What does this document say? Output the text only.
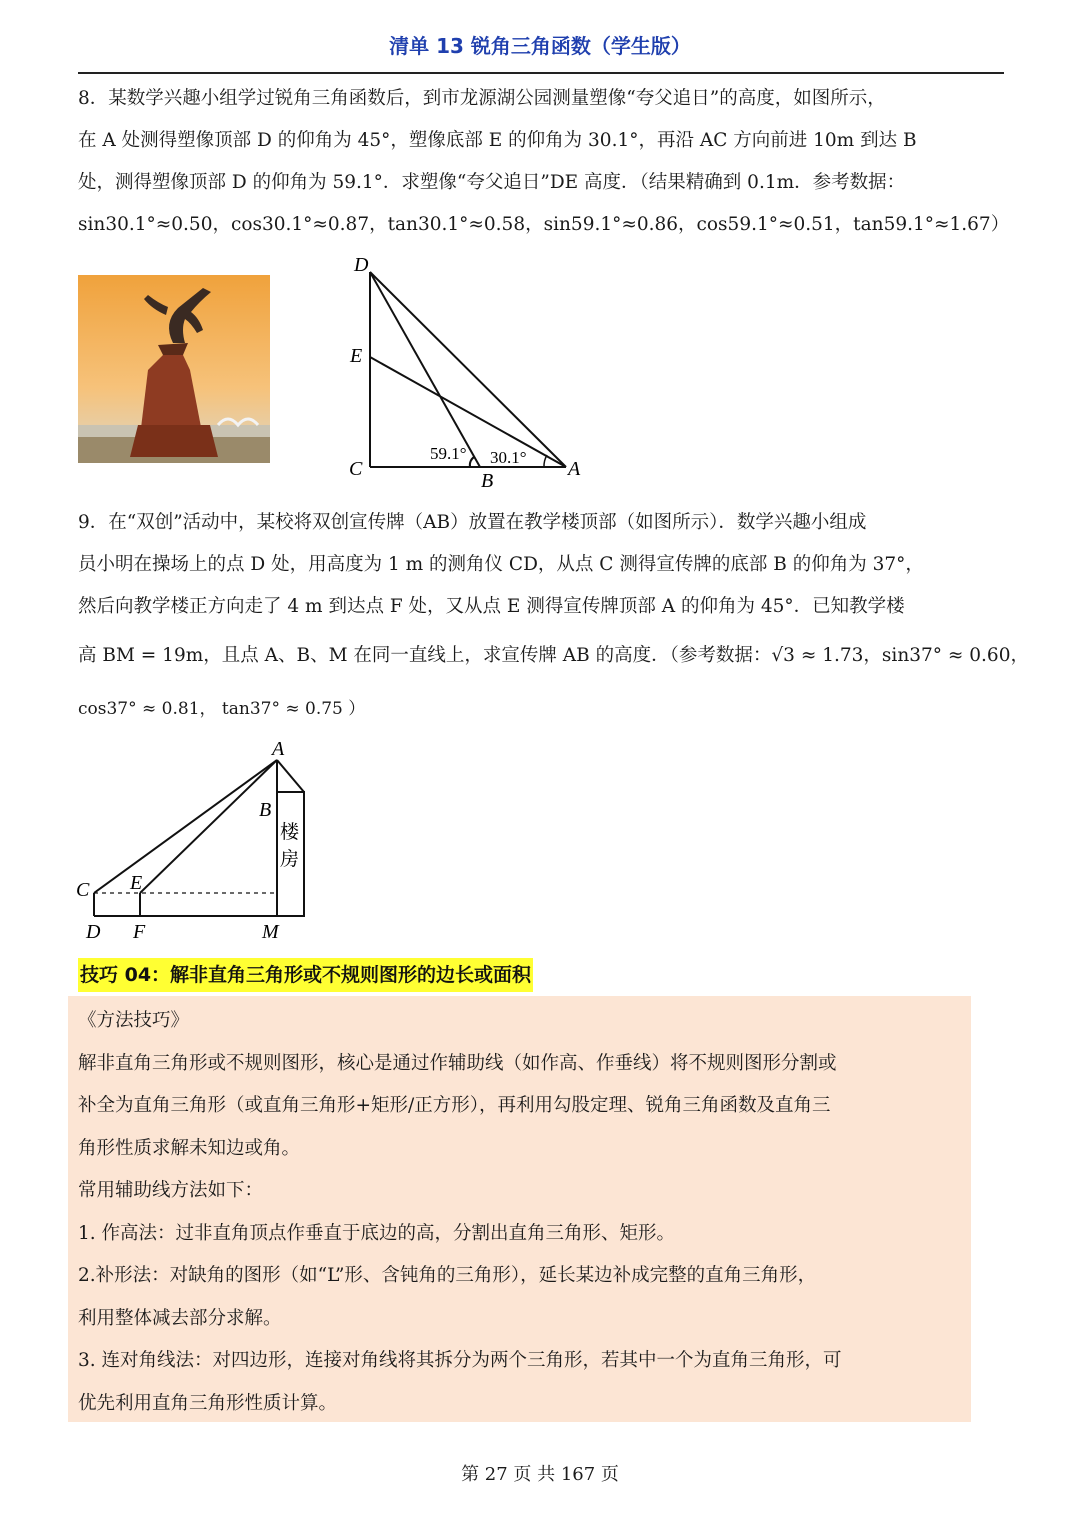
清单 13 锐角三角函数（学生版）
8．某数学兴趣小组学过锐角三角函数后，到市龙源湖公园测量塑像“夸父追日”的高度，如图所示，
在 A 处测得塑像顶部 D 的仰角为 45°，塑像底部 E 的仰角为 30.1°，再沿 AC 方向前进 10m 到达 B
处，测得塑像顶部 D 的仰角为 59.1°．求塑像“夸父追日”DE 高度．（结果精确到 0.1m．参考数据：
sin30.1°≈0.50，cos30.1°≈0.87，tan30.1°≈0.58，sin59.1°≈0.86，cos59.1°≈0.51，tan59.1°≈1.67）
D
E
C
B
A
59.1° 30.1°
9．在“双创”活动中，某校将双创宣传牌（AB）放置在教学楼顶部（如图所示）．数学兴趣小组成
员小明在操场上的点 D 处，用高度为 1 m 的测角仪 CD，从点 C 测得宣传牌的底部 B 的仰角为 37°，
然后向教学楼正方向走了 4 m 到达点 F 处，又从点 E 测得宣传牌顶部 A 的仰角为 45°．已知教学楼
高 BM = 19m，且点 A、B、M 在同一直线上，求宣传牌 AB 的高度．（参考数据：√3 ≈ 1.73，sin37° ≈ 0.60，
cos37° ≈ 0.81， tan37° ≈ 0.75 ）
A
B
C E
D F	M
楼
房
技巧 04：解非直角三角形或不规则图形的边长或面积
《方法技巧》
解非直角三角形或不规则图形，核心是通过作辅助线（如作高、作垂线）将不规则图形分割或
补全为直角三角形（或直角三角形+矩形/正方形），再利用勾股定理、锐角三角函数及直角三
角形性质求解未知边或角。
常用辅助线方法如下：
1. 作高法：过非直角顶点作垂直于底边的高，分割出直角三角形、矩形。
2.补形法：对缺角的图形（如“L”形、含钝角的三角形），延长某边补成完整的直角三角形，
利用整体减去部分求解。
3. 连对角线法：对四边形，连接对角线将其拆分为两个三角形，若其中一个为直角三角形，可
优先利用直角三角形性质计算。
第 27 页 共 167 页
